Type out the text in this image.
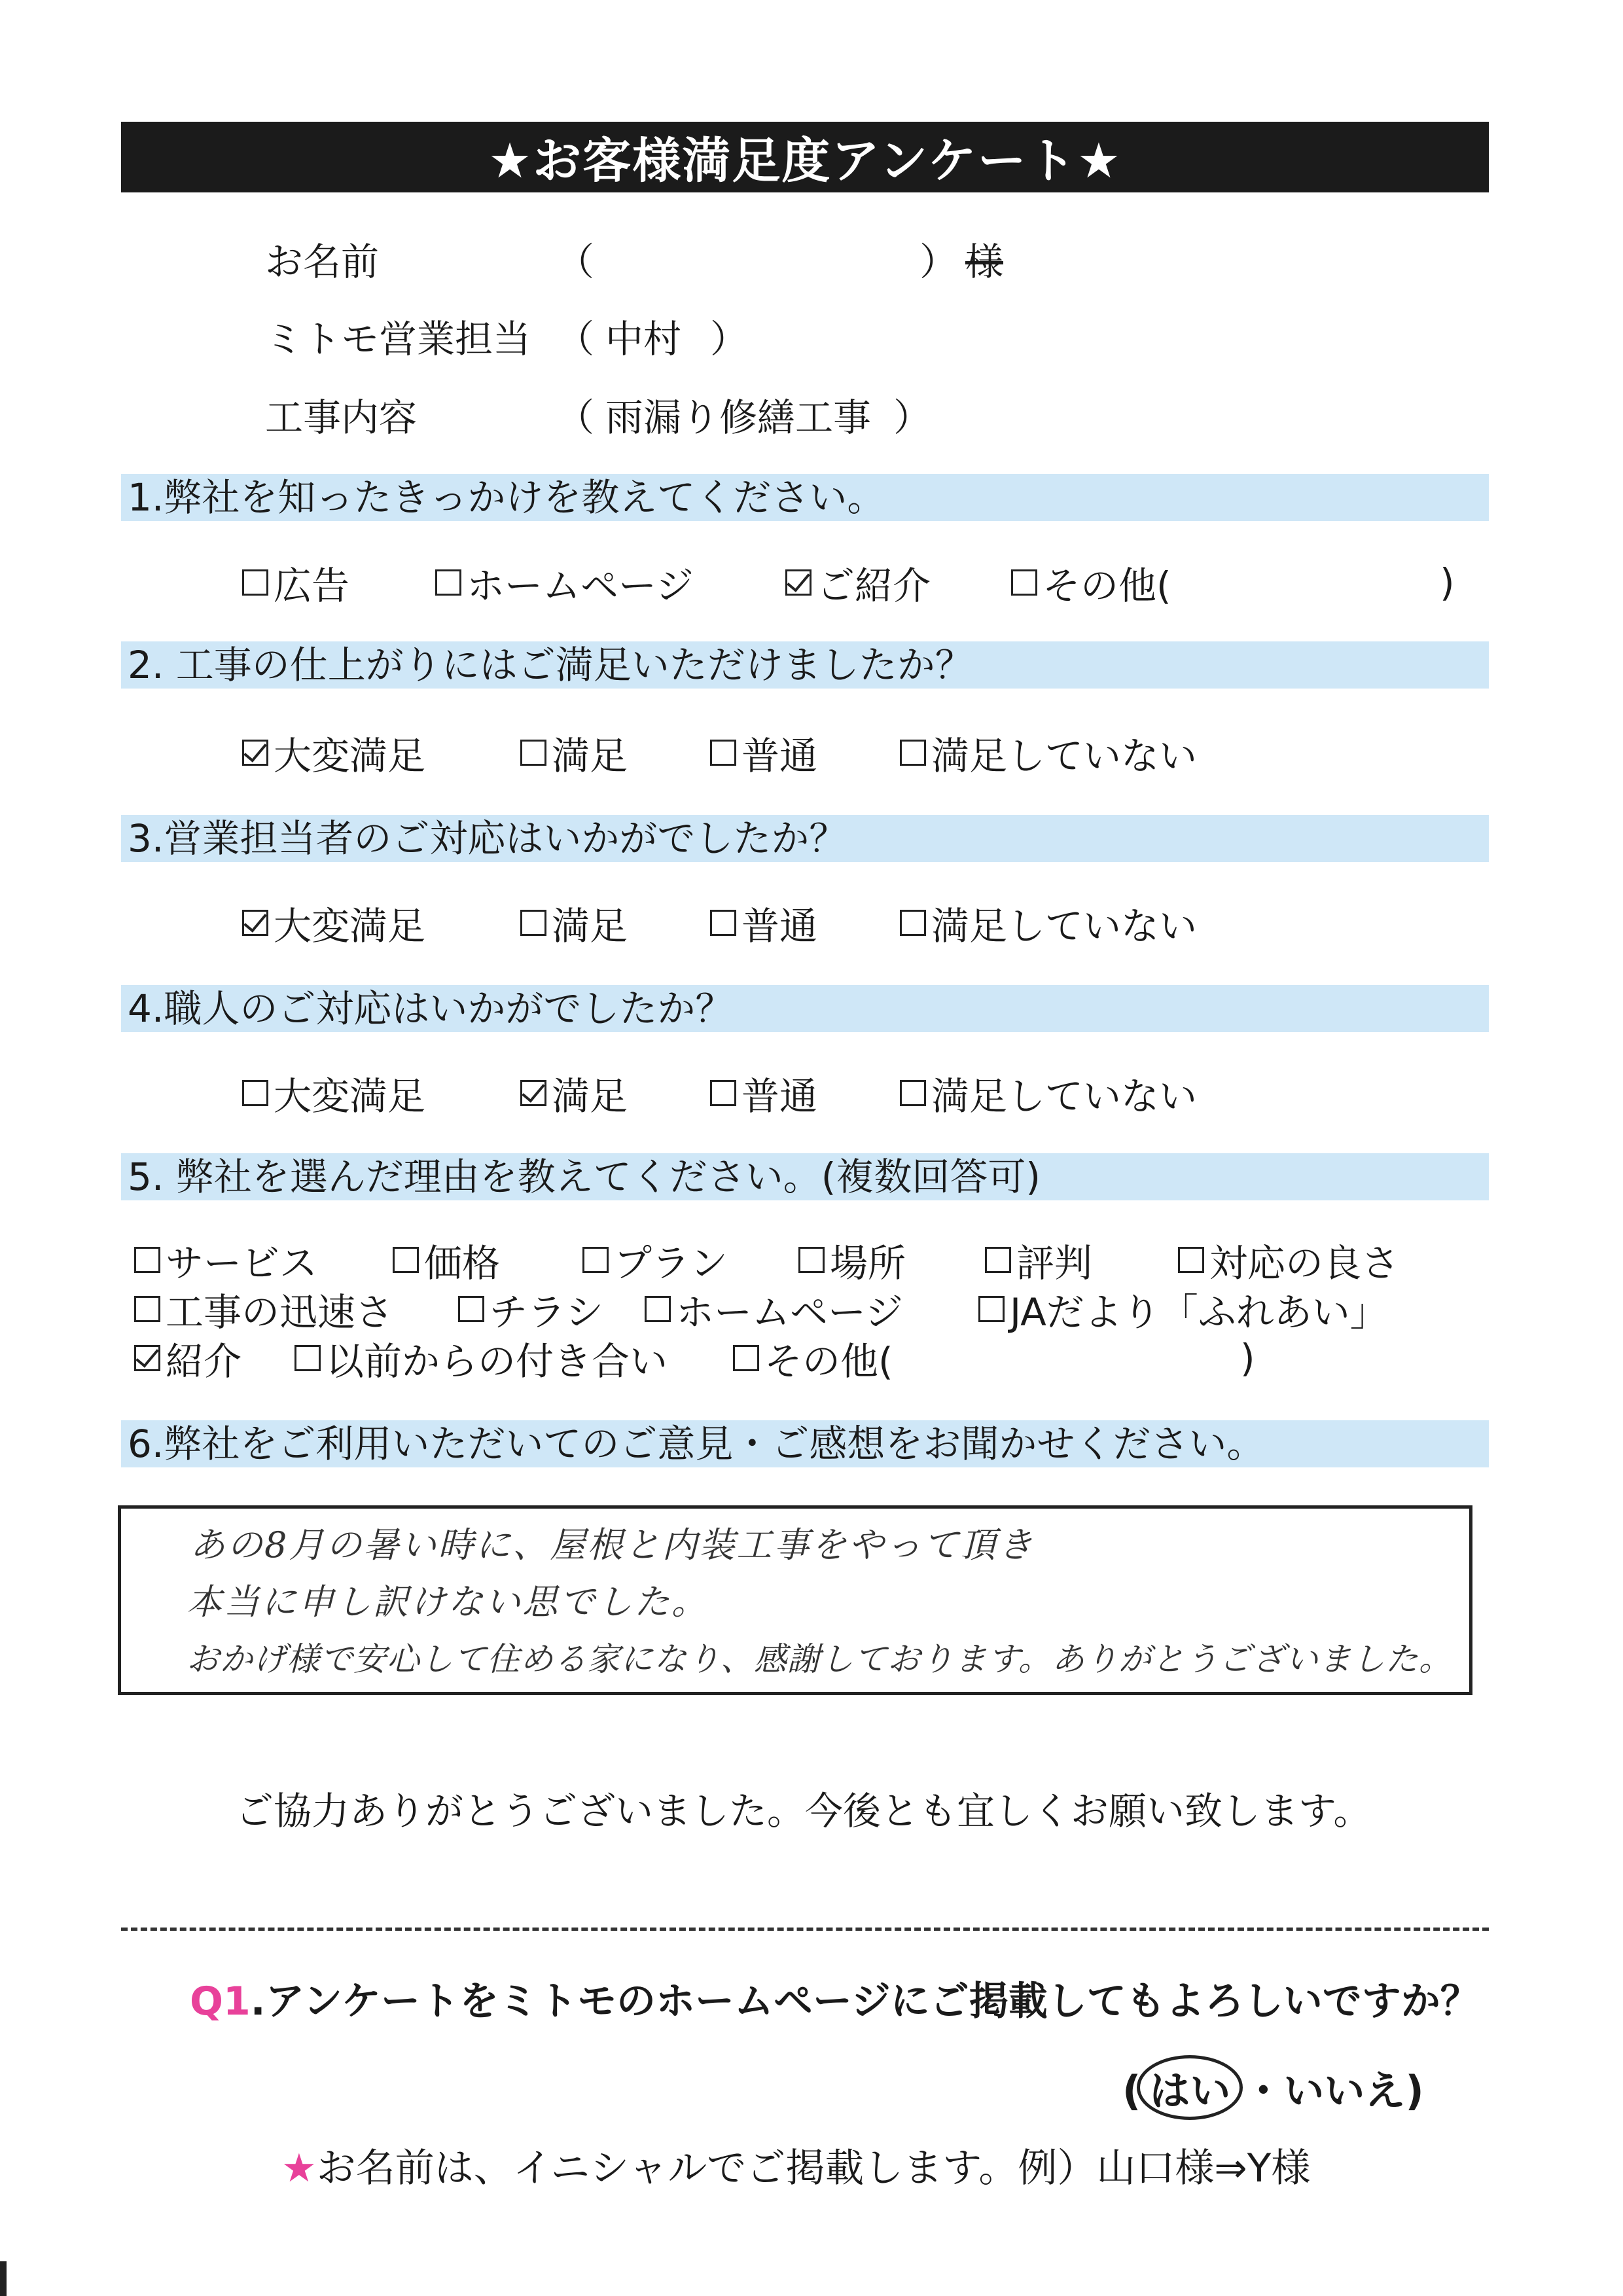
★お客様満足度アンケート★
お名前	（	） 様
ミトモ営業担当 （ 中村 ）
工事内容	（ 雨漏り修繕工事 ）
1.弊社を知ったきっかけを教えてください。
広告	ホームページ	ご紹介	その他(	)
2. 工事の仕上がりにはご満足いただけましたか？
大変満足	満足	普通	満足していない
3.営業担当者のご対応はいかがでしたか？
大変満足	満足	普通	満足していない
4.職人のご対応はいかがでしたか？
大変満足	満足	普通	満足していない
5. 弊社を選んだ理由を教えてください。(複数回答可)
サービス	価格	プラン	場所	評判	対応の良さ
工事の迅速さ	チラシ ホームページ	JAだより「ふれあい」
紹介 以前からの付き合い	その他(	)
6.弊社をご利用いただいてのご意見・ご感想をお聞かせください。
あの8月の暑い時に、屋根と内装工事をやって頂き
本当に申し訳けない思でした。
おかげ様で安心して住める家になり、感謝しております。ありがとうございました。
ご協力ありがとうございました。今後とも宜しくお願い致します。
Q1.アンケートをミトモのホームページにご掲載してもよろしいですか？
( はい ・いいえ)
★お名前は、イニシャルでご掲載します。例）山口様⇒Y様
